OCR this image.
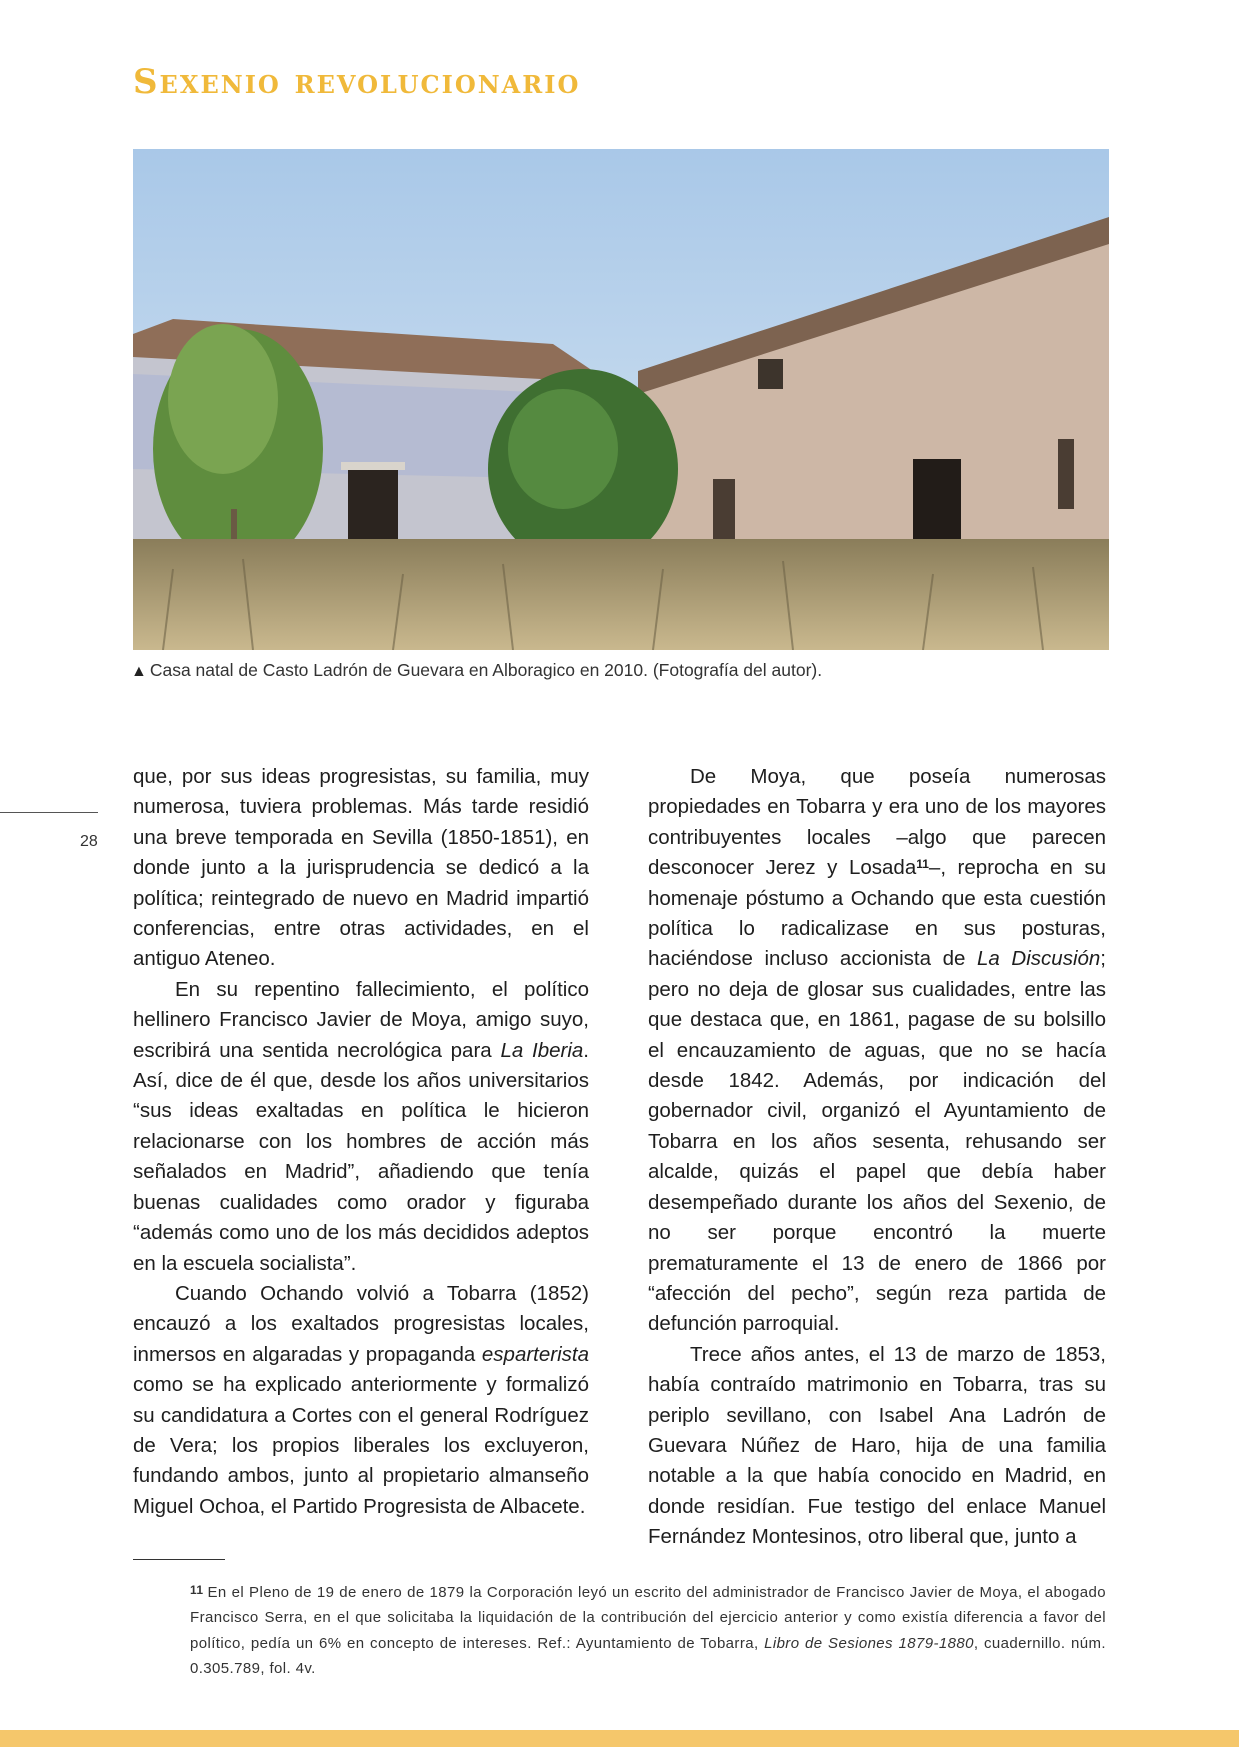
Sexenio revolucionario
▲ Casa natal de Casto Ladrón de Guevara en Alboragico en 2010. (Fotografía del autor).
28

que, por sus ideas progresistas, su familia, muy numerosa, tuviera problemas. Más tarde residió una breve temporada en Sevilla (1850-1851), en donde junto a la jurisprudencia se dedicó a la política; reintegrado de nuevo en Madrid impartió conferencias, entre otras actividades, en el antiguo Ateneo.

En su repentino fallecimiento, el político hellinero Francisco Javier de Moya, amigo suyo, escribirá una sentida necrológica para La Iberia. Así, dice de él que, desde los años universitarios “sus ideas exaltadas en política le hicieron relacionarse con los hombres de acción más señalados en Madrid”, añadiendo que tenía buenas cualidades como orador y figuraba “además como uno de los más decididos adeptos en la escuela socialista”.

Cuando Ochando volvió a Tobarra (1852) encauzó a los exaltados progresistas locales, inmersos en algaradas y propaganda esparterista como se ha explicado anteriormente y formalizó su candidatura a Cortes con el general Rodríguez de Vera; los propios liberales los excluyeron, fundando ambos, junto al propietario almanseño Miguel Ochoa, el Partido Progresista de Albacete.

De Moya, que poseía numerosas propiedades en Tobarra y era uno de los mayores contribuyentes locales –algo que parecen desconocer Jerez y Losada$^{11}$–, reprocha en su homenaje póstumo a Ochando que esta cuestión política lo radicalizase en sus posturas, haciéndose incluso accionista de La Discusión; pero no deja de glosar sus cualidades, entre las que destaca que, en 1861, pagase de su bolsillo el encauzamiento de aguas, que no se hacía desde 1842. Además, por indicación del gobernador civil, organizó el Ayuntamiento de Tobarra en los años sesenta, rehusando ser alcalde, quizás el papel que debía haber desempeñado durante los años del Sexenio, de no ser porque encontró la muerte prematuramente el 13 de enero de 1866 por “afección del pecho”, según reza partida de defunción parroquial.

Trece años antes, el 13 de marzo de 1853, había contraído matrimonio en Tobarra, tras su periplo sevillano, con Isabel Ana Ladrón de Guevara Núñez de Haro, hija de una familia notable a la que había conocido en Madrid, en donde residían. Fue testigo del enlace Manuel Fernández Montesinos, otro liberal que, junto a

$^{11}$ En el Pleno de 19 de enero de 1879 la Corporación leyó un escrito del administrador de Francisco Javier de Moya, el abogado Francisco Serra, en el que solicitaba la liquidación de la contribución del ejercicio anterior y como existía diferencia a favor del político, pedía un 6% en concepto de intereses. Ref.: Ayuntamiento de Tobarra, Libro de Sesiones 1879-1880, cuadernillo. núm. 0.305.789, fol. 4v.
